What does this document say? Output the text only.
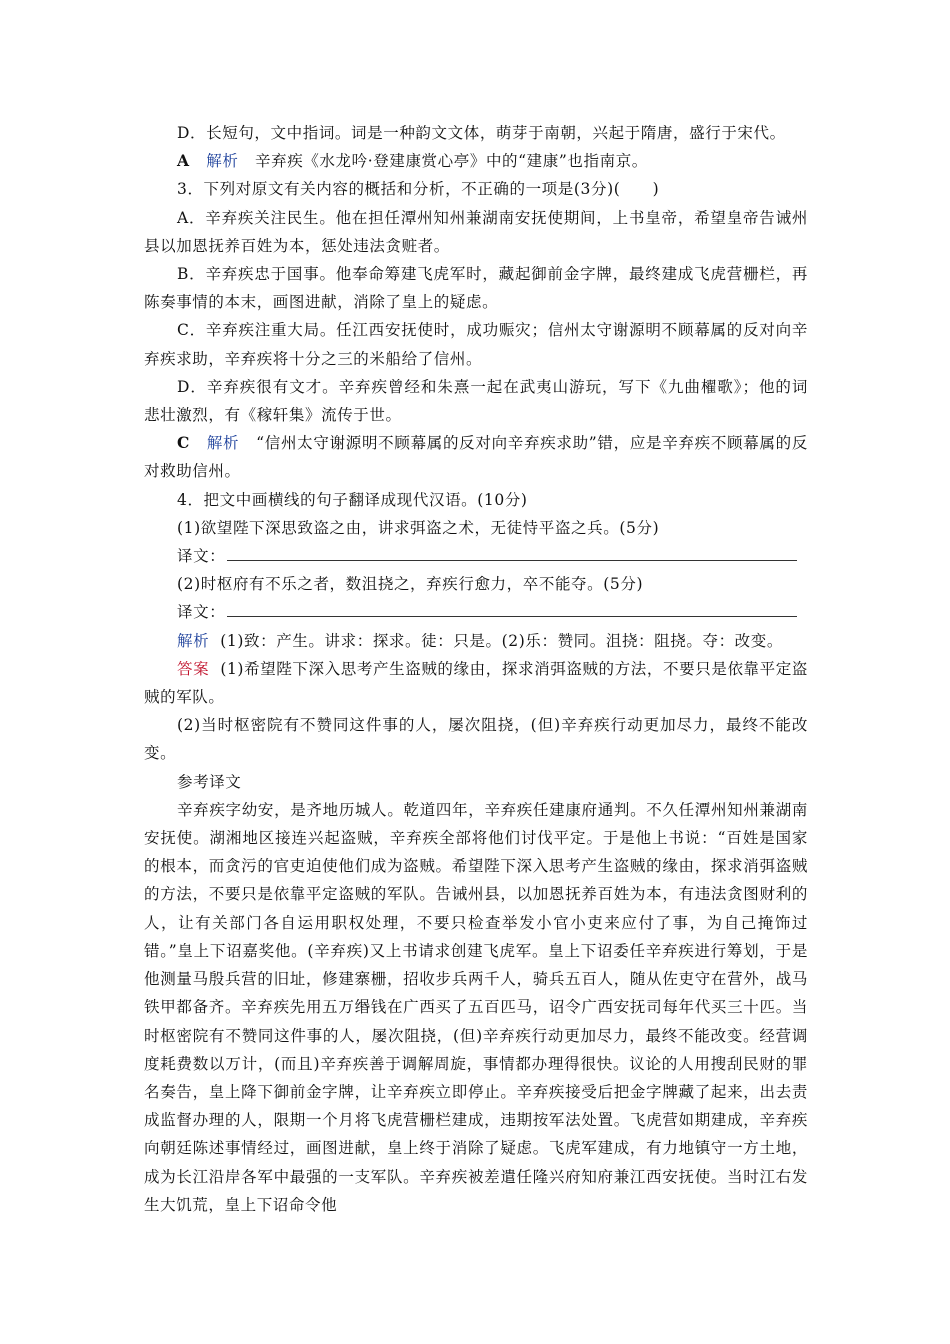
D．长短句，文中指词。词是一种韵文文体，萌芽于南朝，兴起于隋唐，盛行于宋代。

A 解析 辛弃疾《水龙吟·登建康赏心亭》中的“建康”也指南京。

3．下列对原文有关内容的概括和分析，不正确的一项是(3分)(　　)

A．辛弃疾关注民生。他在担任潭州知州兼湖南安抚使期间，上书皇帝，希望皇帝告诫州县以加恩抚养百姓为本，惩处违法贪赃者。

B．辛弃疾忠于国事。他奉命筹建飞虎军时，藏起御前金字牌，最终建成飞虎营栅栏，再陈奏事情的本末，画图进献，消除了皇上的疑虑。

C．辛弃疾注重大局。任江西安抚使时，成功赈灾；信州太守谢源明不顾幕属的反对向辛弃疾求助，辛弃疾将十分之三的米船给了信州。

D．辛弃疾很有文才。辛弃疾曾经和朱熹一起在武夷山游玩，写下《九曲櫂歌》；他的词悲壮激烈，有《稼轩集》流传于世。

C 解析 “信州太守谢源明不顾幕属的反对向辛弃疾求助”错，应是辛弃疾不顾幕属的反对救助信州。

4．把文中画横线的句子翻译成现代汉语。(10分)

(1)欲望陛下深思致盗之由，讲求弭盗之术，无徒恃平盗之兵。(5分)

译文：

(2)时枢府有不乐之者，数沮挠之，弃疾行愈力，卒不能夺。(5分)

译文：

解析 (1)致：产生。讲求：探求。徒：只是。(2)乐：赞同。沮挠：阻挠。夺：改变。

答案 (1)希望陛下深入思考产生盗贼的缘由，探求消弭盗贼的方法，不要只是依靠平定盗贼的军队。

(2)当时枢密院有不赞同这件事的人，屡次阻挠，(但)辛弃疾行动更加尽力，最终不能改变。

参考译文

辛弃疾字幼安，是齐地历城人。乾道四年，辛弃疾任建康府通判。不久任潭州知州兼湖南安抚使。湖湘地区接连兴起盗贼，辛弃疾全部将他们讨伐平定。于是他上书说：“百姓是国家的根本，而贪污的官吏迫使他们成为盗贼。希望陛下深入思考产生盗贼的缘由，探求消弭盗贼的方法，不要只是依靠平定盗贼的军队。告诫州县，以加恩抚养百姓为本，有违法贪图财利的人，让有关部门各自运用职权处理，不要只检查举发小官小吏来应付了事，为自己掩饰过错。”皇上下诏嘉奖他。(辛弃疾)又上书请求创建飞虎军。皇上下诏委任辛弃疾进行筹划，于是他测量马殷兵营的旧址，修建寨栅，招收步兵两千人，骑兵五百人，随从佐吏守在营外，战马铁甲都备齐。辛弃疾先用五万缗钱在广西买了五百匹马，诏令广西安抚司每年代买三十匹。当时枢密院有不赞同这件事的人，屡次阻挠，(但)辛弃疾行动更加尽力，最终不能改变。经营调度耗费数以万计，(而且)辛弃疾善于调解周旋，事情都办理得很快。议论的人用搜刮民财的罪名奏告，皇上降下御前金字牌，让辛弃疾立即停止。辛弃疾接受后把金字牌藏了起来，出去责成监督办理的人，限期一个月将飞虎营栅栏建成，违期按军法处置。飞虎营如期建成，辛弃疾向朝廷陈述事情经过，画图进献，皇上终于消除了疑虑。飞虎军建成，有力地镇守一方土地，成为长江沿岸各军中最强的一支军队。辛弃疾被差遣任隆兴府知府兼江西安抚使。当时江右发生大饥荒，皇上下诏命令他
